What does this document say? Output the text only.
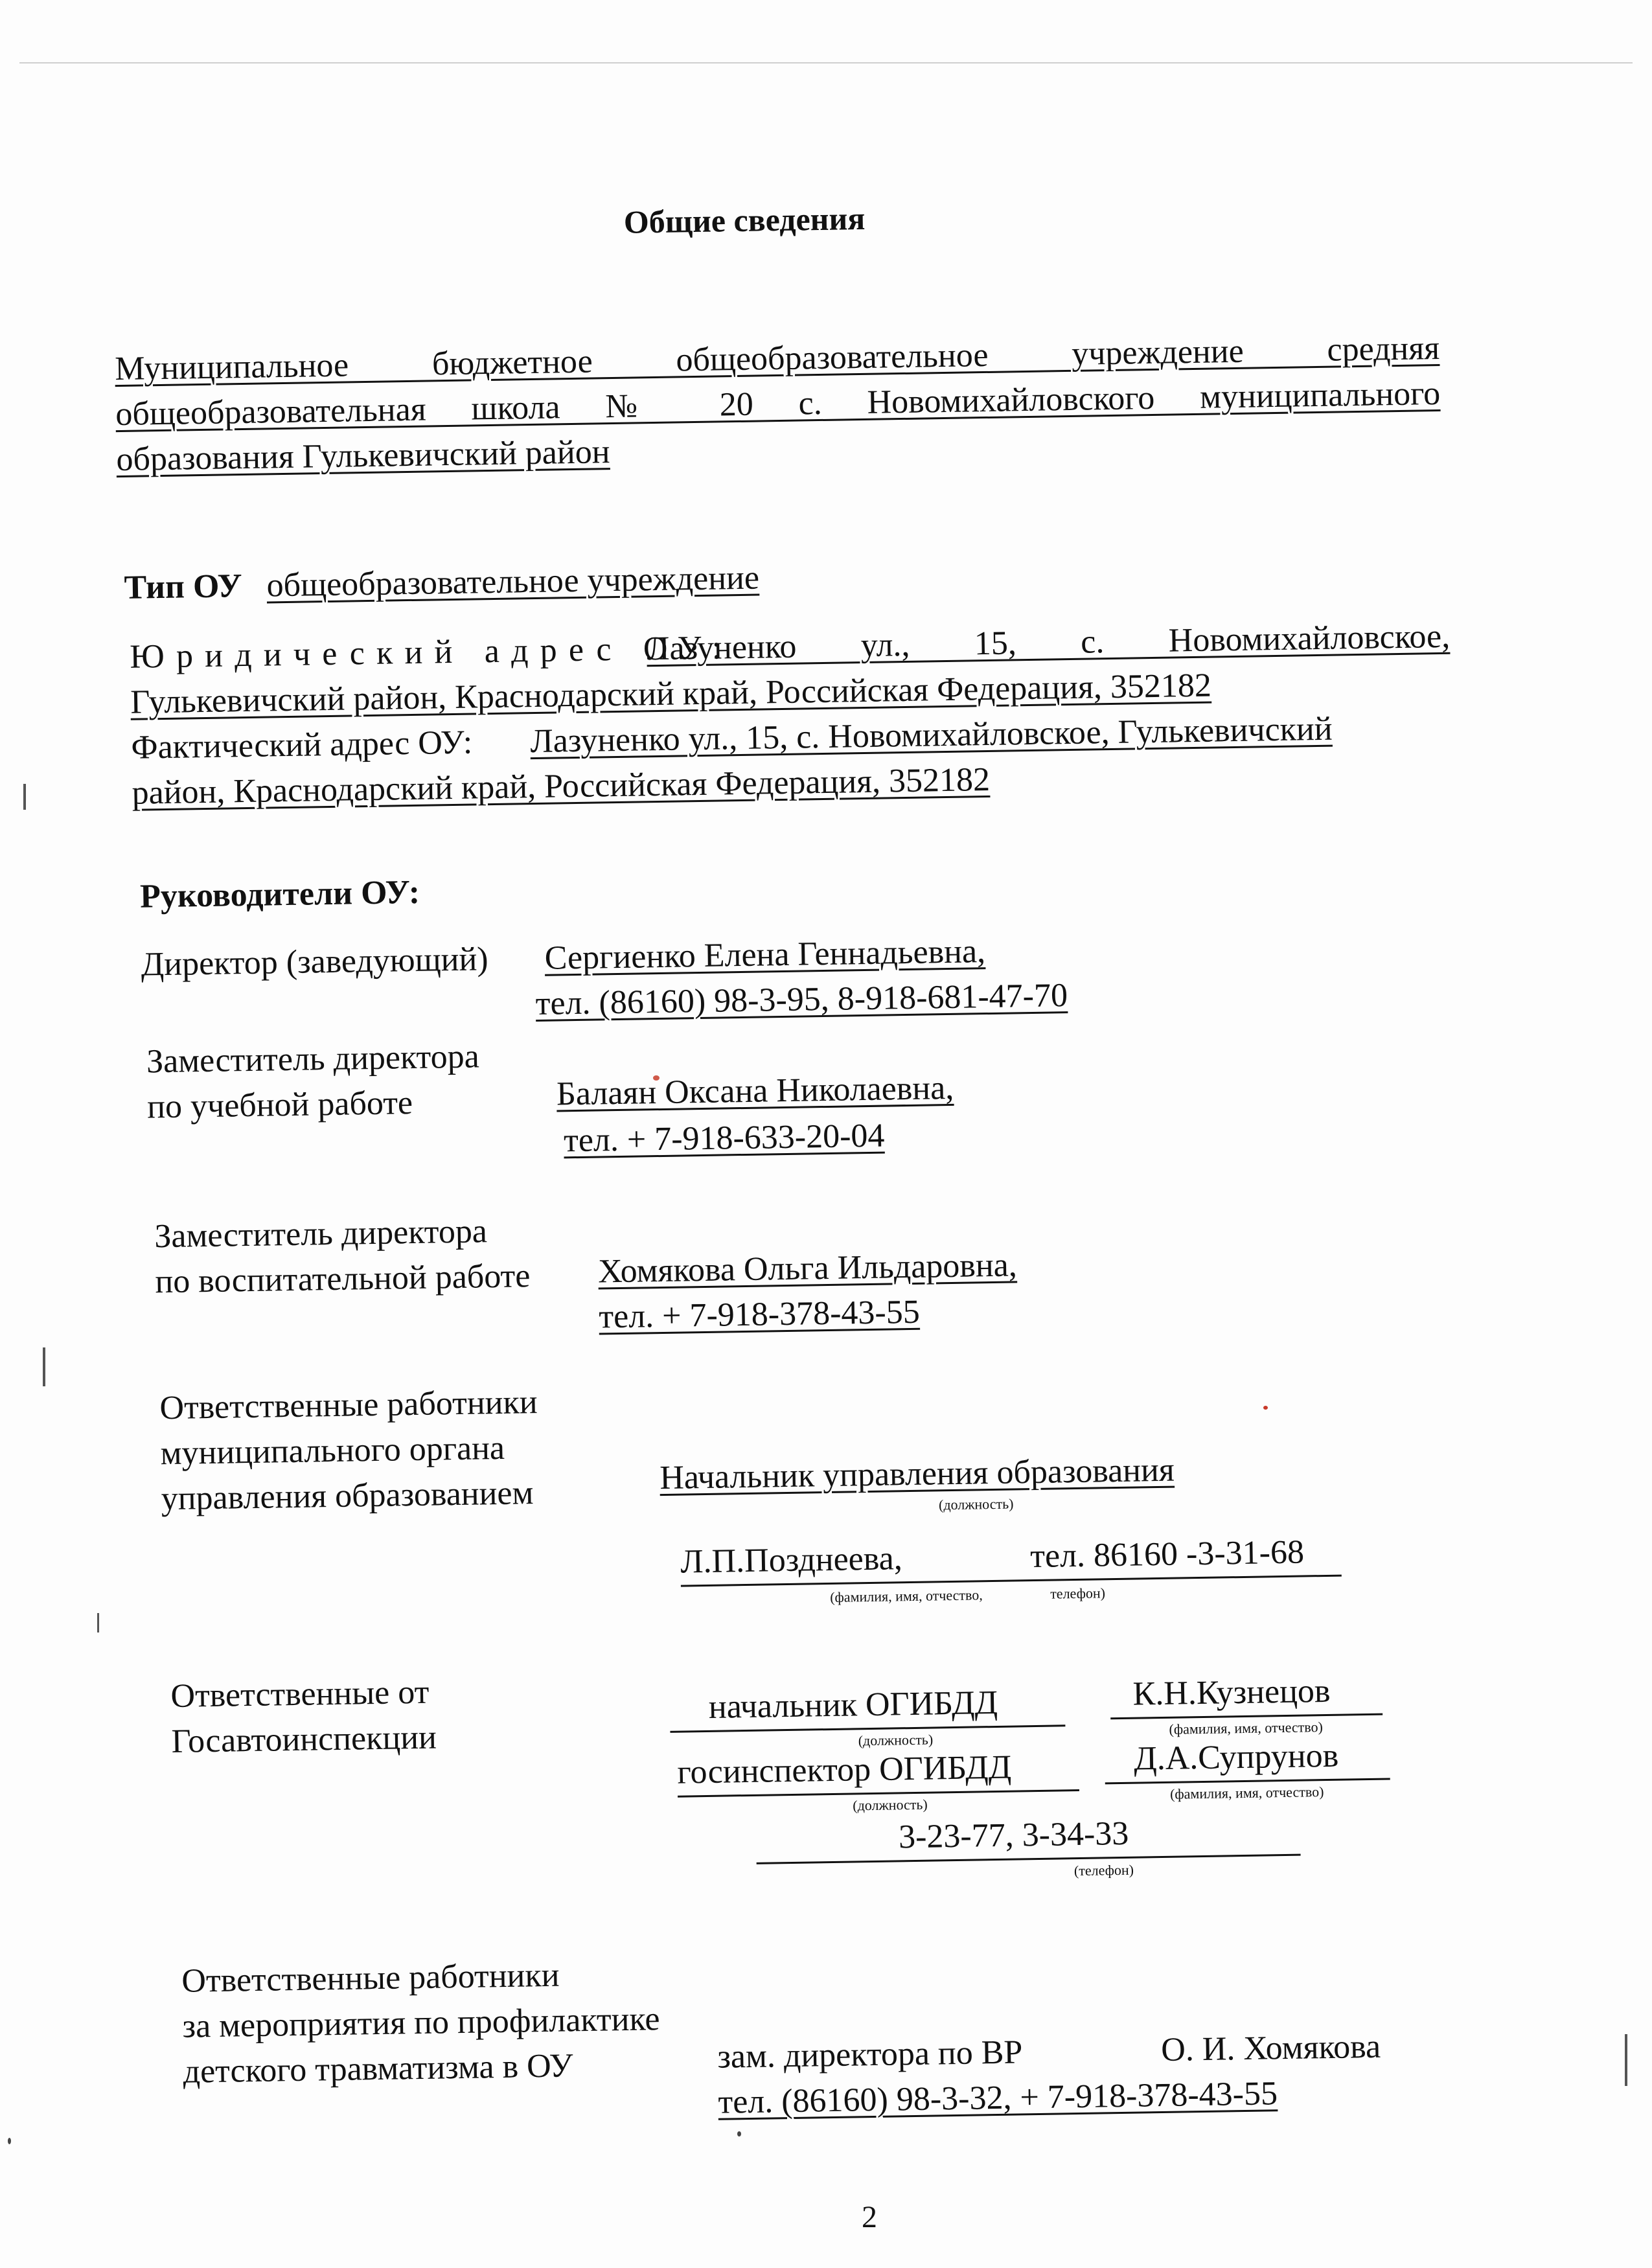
Общие сведения
Муниципальное бюджетное общеобразовательное учреждение средняя
общеобразовательная школа № 20 с. Новомихайловского муниципального
образования Гулькевичский район
Тип ОУ общеобразовательное учреждение
Юридический адрес ОУ:
Лазуненко ул., 15, с. Новомихайловское,
Гулькевичский район, Краснодарский край, Российская Федерация, 352182
Фактический адрес ОУ: Лазуненко ул., 15, с. Новомихайловское, Гулькевичский
район, Краснодарский край, Российская Федерация, 352182
Руководители ОУ:
Директор (заведующий) Сергиенко Елена Геннадьевна,
тел. (86160) 98-3-95, 8-918-681-47-70
Заместитель директора
по учебной работе	Балаян Оксана Николаевна,
тел. + 7-918-633-20-04
Заместитель директора
по воспитательной работе Хомякова Ольга Ильдаровна,
тел. + 7-918-378-43-55
Ответственные работники
муниципального органа
управления образованием	Начальник управления образования
(должность)
Л.П.Позднеева,	тел. 86160 -3-31-68
(фамилия, имя, отчество,	телефон)
Ответственные от
Госавтоинспекции
начальник ОГИБДД
(должность)
К.Н.Кузнецов
(фамилия, имя, отчество)
госинспектор ОГИБДД
(должность)
Д.А.Супрунов
(фамилия, имя, отчество)
3-23-77, 3-34-33
(телефон)
Ответственные работники
за мероприятия по профилактике
детского травматизма в ОУ	зам. директора по ВР	О. И. Хомякова
тел. (86160) 98-3-32, + 7-918-378-43-55
2
